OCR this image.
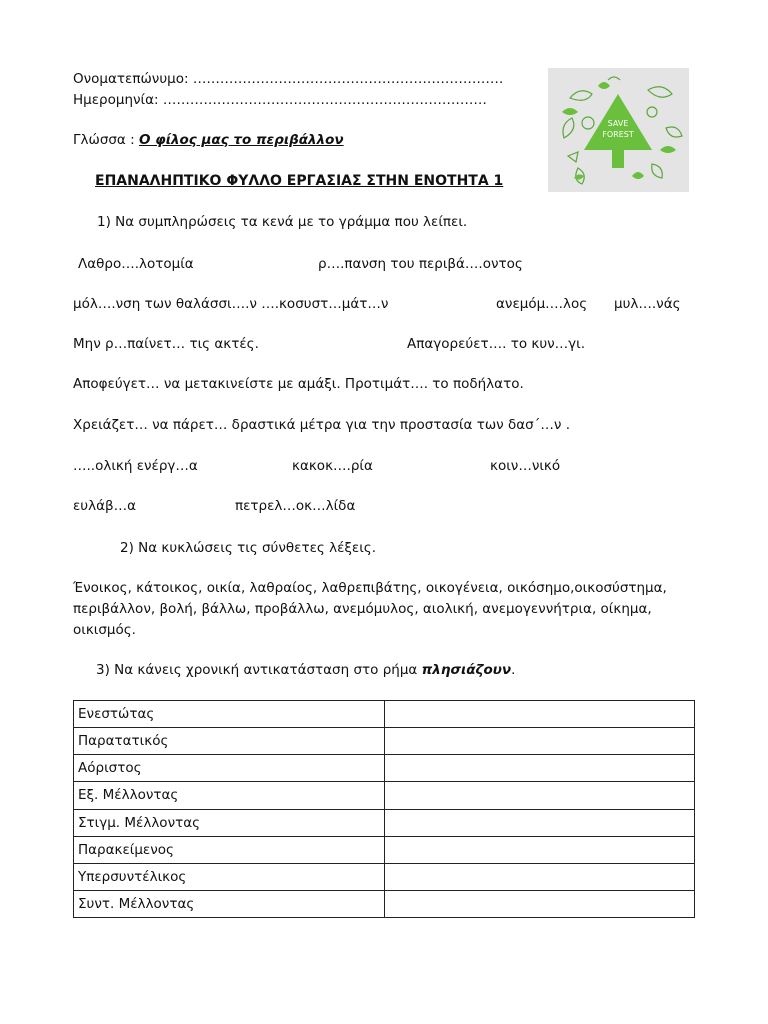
Ονοματεπώνυμο: ……………………………………………………………
Ημερομηνία: ………………………………………………………………
Γλώσσα : Ο φίλος μας το περιβάλλον
SAVE
FOREST
ΕΠΑΝΑΛΗΠΤΙΚΟ ΦΥΛΛΟ ΕΡΓΑΣΙΑΣ ΣΤΗΝ ΕΝΟΤΗΤΑ 1
1) Να συμπληρώσεις τα κενά με το γράμμα που λείπει.
Λαθρο….λοτομία	ρ….πανση του περιβά….οντος
μόλ….νση των θαλάσσι….ν ….κοσυστ…μάτ…ν	ανεμόμ….λος μυλ….νάς
Μην ρ…παίνετ… τις ακτές.	Απαγορεύετ…. το κυν…γι.
Αποφεύγετ… να μετακινείστε με αμάξι. Προτιμάτ…. το ποδήλατο.
Χρειάζετ… να πάρετ… δραστικά μέτρα για την προστασία των δασ΄…ν .
…..ολική ενέργ…α	κακοκ….ρία	κοιν…νικό
ευλάβ…α	πετρελ…οκ…λίδα
2) Να κυκλώσεις τις σύνθετες λέξεις.
Ένοικος, κάτοικος, οικία, λαθραίος, λαθρεπιβάτης, οικογένεια, οικόσημο,οικοσύστημα, περιβάλλον, βολή, βάλλω, προβάλλω, ανεμόμυλος, αιολική, ανεμογεννήτρια, οίκημα, οικισμός.
3) Να κάνεις χρονική αντικατάσταση στο ρήμα πλησιάζουν.
Ενεστώτας	
Παρατατικός	
Αόριστος	
Εξ. Μέλλοντας	
Στιγμ. Μέλλοντας	
Παρακείμενος	
Υπερσυντέλικος	
Συντ. Μέλλοντας	
